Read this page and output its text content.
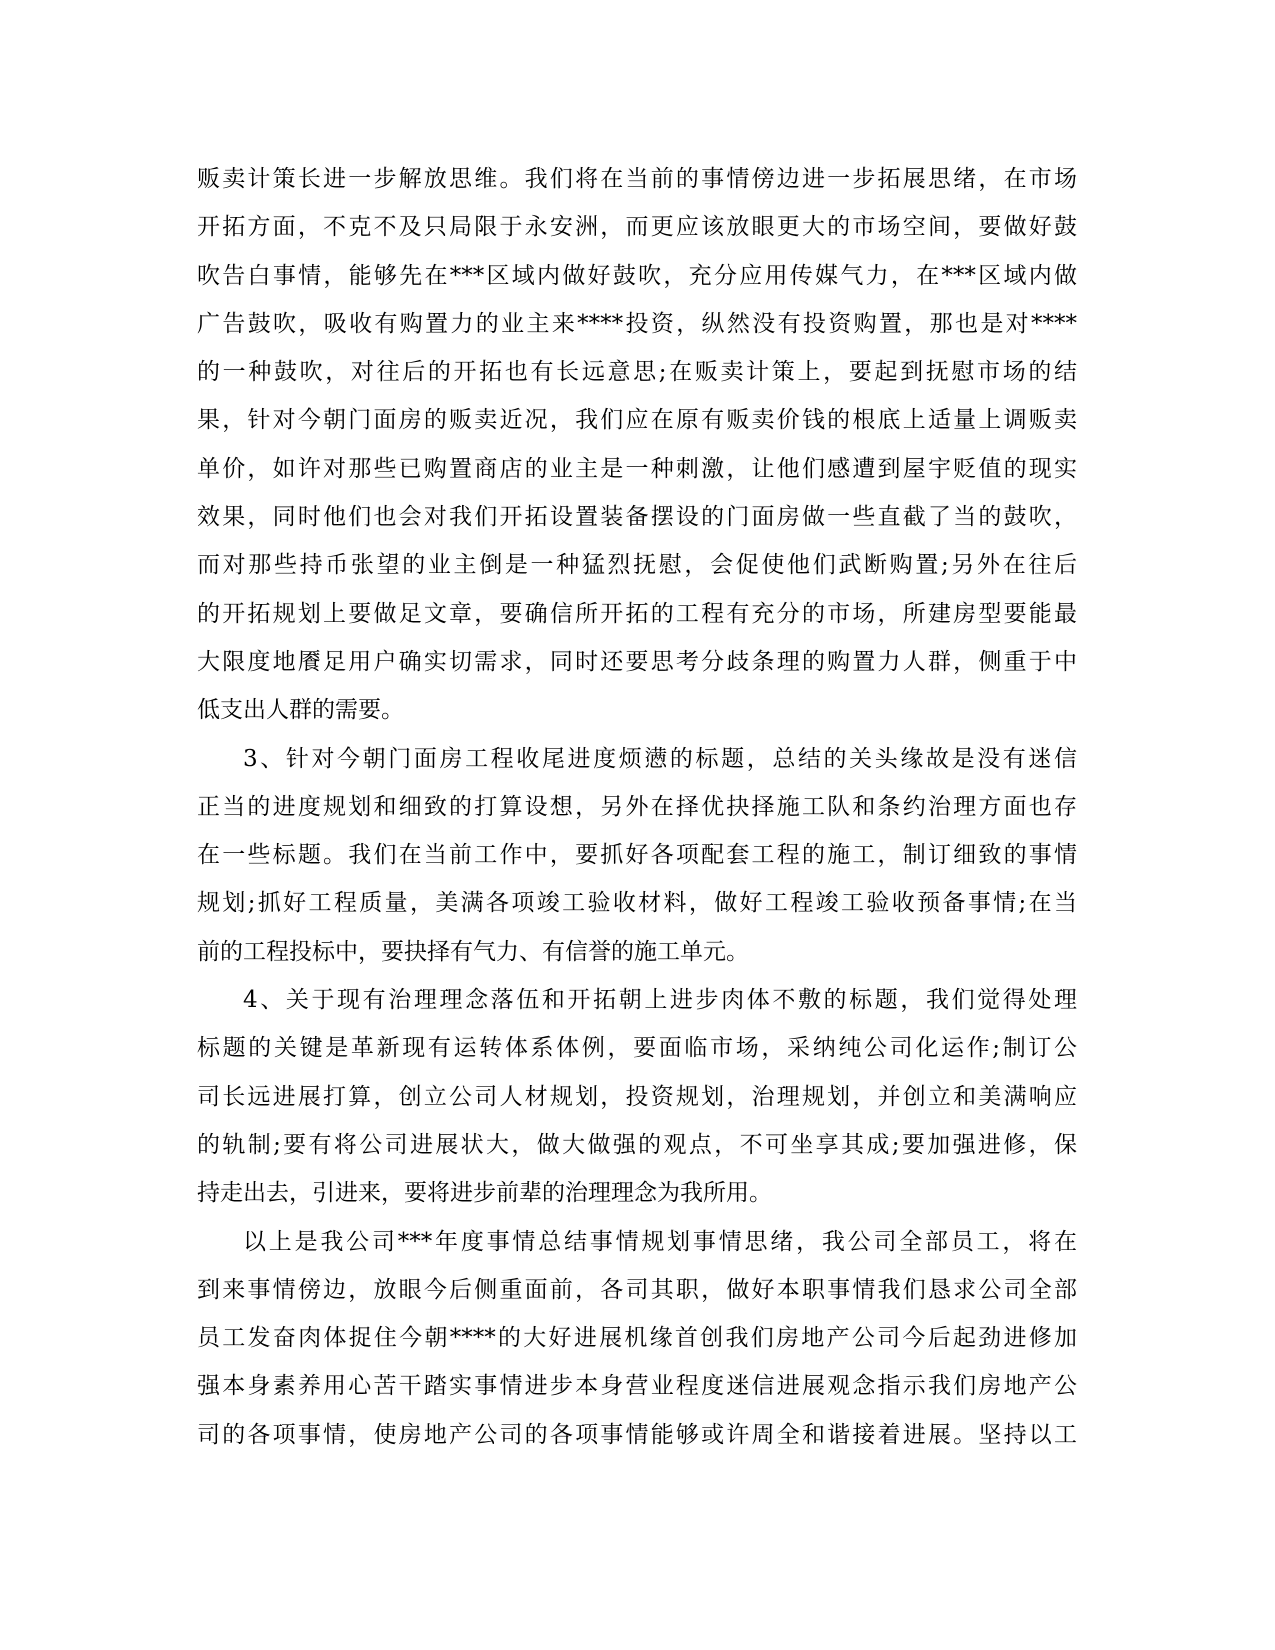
贩卖计策长进一步解放思维。我们将在当前的事情傍边进一步拓展思绪，在市场
开拓方面，不克不及只局限于永安洲，而更应该放眼更大的市场空间，要做好鼓
吹告白事情，能够先在***区域内做好鼓吹，充分应用传媒气力，在***区域内做
广告鼓吹，吸收有购置力的业主来****投资，纵然没有投资购置，那也是对****
的一种鼓吹，对往后的开拓也有长远意思;在贩卖计策上，要起到抚慰市场的结
果，针对今朝门面房的贩卖近况，我们应在原有贩卖价钱的根底上适量上调贩卖
单价，如许对那些已购置商店的业主是一种刺激，让他们感遭到屋宇贬值的现实
效果，同时他们也会对我们开拓设置装备摆设的门面房做一些直截了当的鼓吹，
而对那些持币张望的业主倒是一种猛烈抚慰，会促使他们武断购置;另外在往后
的开拓规划上要做足文章，要确信所开拓的工程有充分的市场，所建房型要能最
大限度地餍足用户确实切需求，同时还要思考分歧条理的购置力人群，侧重于中
低支出人群的需要。
3、针对今朝门面房工程收尾进度烦懑的标题，总结的关头缘故是没有迷信
正当的进度规划和细致的打算设想，另外在择优抉择施工队和条约治理方面也存
在一些标题。我们在当前工作中，要抓好各项配套工程的施工，制订细致的事情
规划;抓好工程质量，美满各项竣工验收材料，做好工程竣工验收预备事情;在当
前的工程投标中，要抉择有气力、有信誉的施工单元。
4、关于现有治理理念落伍和开拓朝上进步肉体不敷的标题，我们觉得处理
标题的关键是革新现有运转体系体例，要面临市场，采纳纯公司化运作;制订公
司长远进展打算，创立公司人材规划，投资规划，治理规划，并创立和美满响应
的轨制;要有将公司进展状大，做大做强的观点，不可坐享其成;要加强进修，保
持走出去，引进来，要将进步前辈的治理理念为我所用。
以上是我公司***年度事情总结事情规划事情思绪，我公司全部员工，将在
到来事情傍边，放眼今后侧重面前，各司其职，做好本职事情我们恳求公司全部
员工发奋肉体捉住今朝****的大好进展机缘首创我们房地产公司今后起劲进修加
强本身素养用心苦干踏实事情进步本身营业程度迷信进展观念指示我们房地产公
司的各项事情，使房地产公司的各项事情能够或许周全和谐接着进展。坚持以工
